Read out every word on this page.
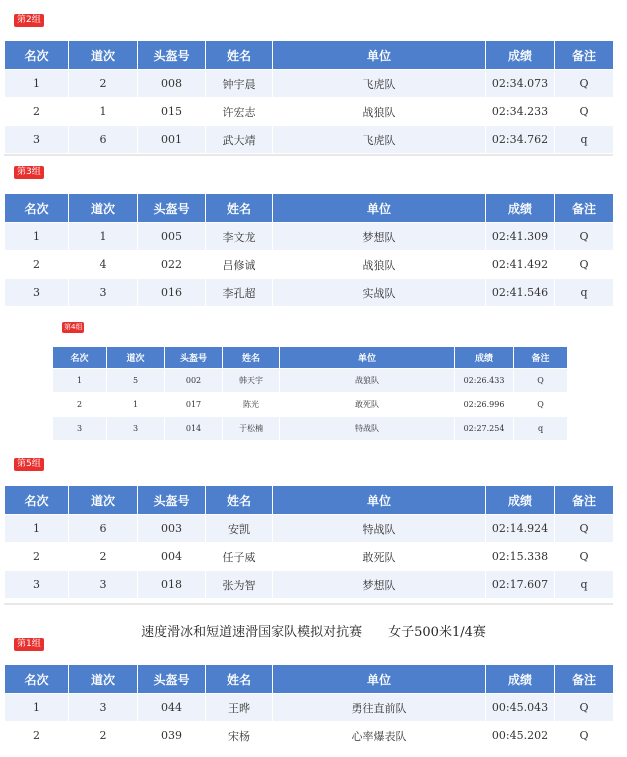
第2组
名次	道次	头盔号	姓名	单位	成绩	备注
1	2	008	钟宇晨	飞虎队	02:34.073	Q
2	1	015	许宏志	战狼队	02:34.233	Q
3	6	001	武大靖	飞虎队	02:34.762	q
第3组
名次	道次	头盔号	姓名	单位	成绩	备注
1	1	005	李文龙	梦想队	02:41.309	Q
2	4	022	吕修诚	战狼队	02:41.492	Q
3	3	016	李孔超	实战队	02:41.546	q
第4组
名次	道次	头盔号	姓名	单位	成绩	备注
1	5	002	韩天宇	战狼队	02:26.433	Q
2	1	017	陈光	敢死队	02:26.996	Q
3	3	014	于松楠	特战队	02:27.254	q
第5组
名次	道次	头盔号	姓名	单位	成绩	备注
1	6	003	安凯	特战队	02:14.924	Q
2	2	004	任子威	敢死队	02:15.338	Q
3	3	018	张为智	梦想队	02:17.607	q
速度滑冰和短道速滑国家队模拟对抗赛 女子500米1/4赛
第1组
名次	道次	头盔号	姓名	单位	成绩	备注
1	3	044	王晔	勇往直前队	00:45.043	Q
2	2	039	宋杨	心率爆表队	00:45.202	Q
